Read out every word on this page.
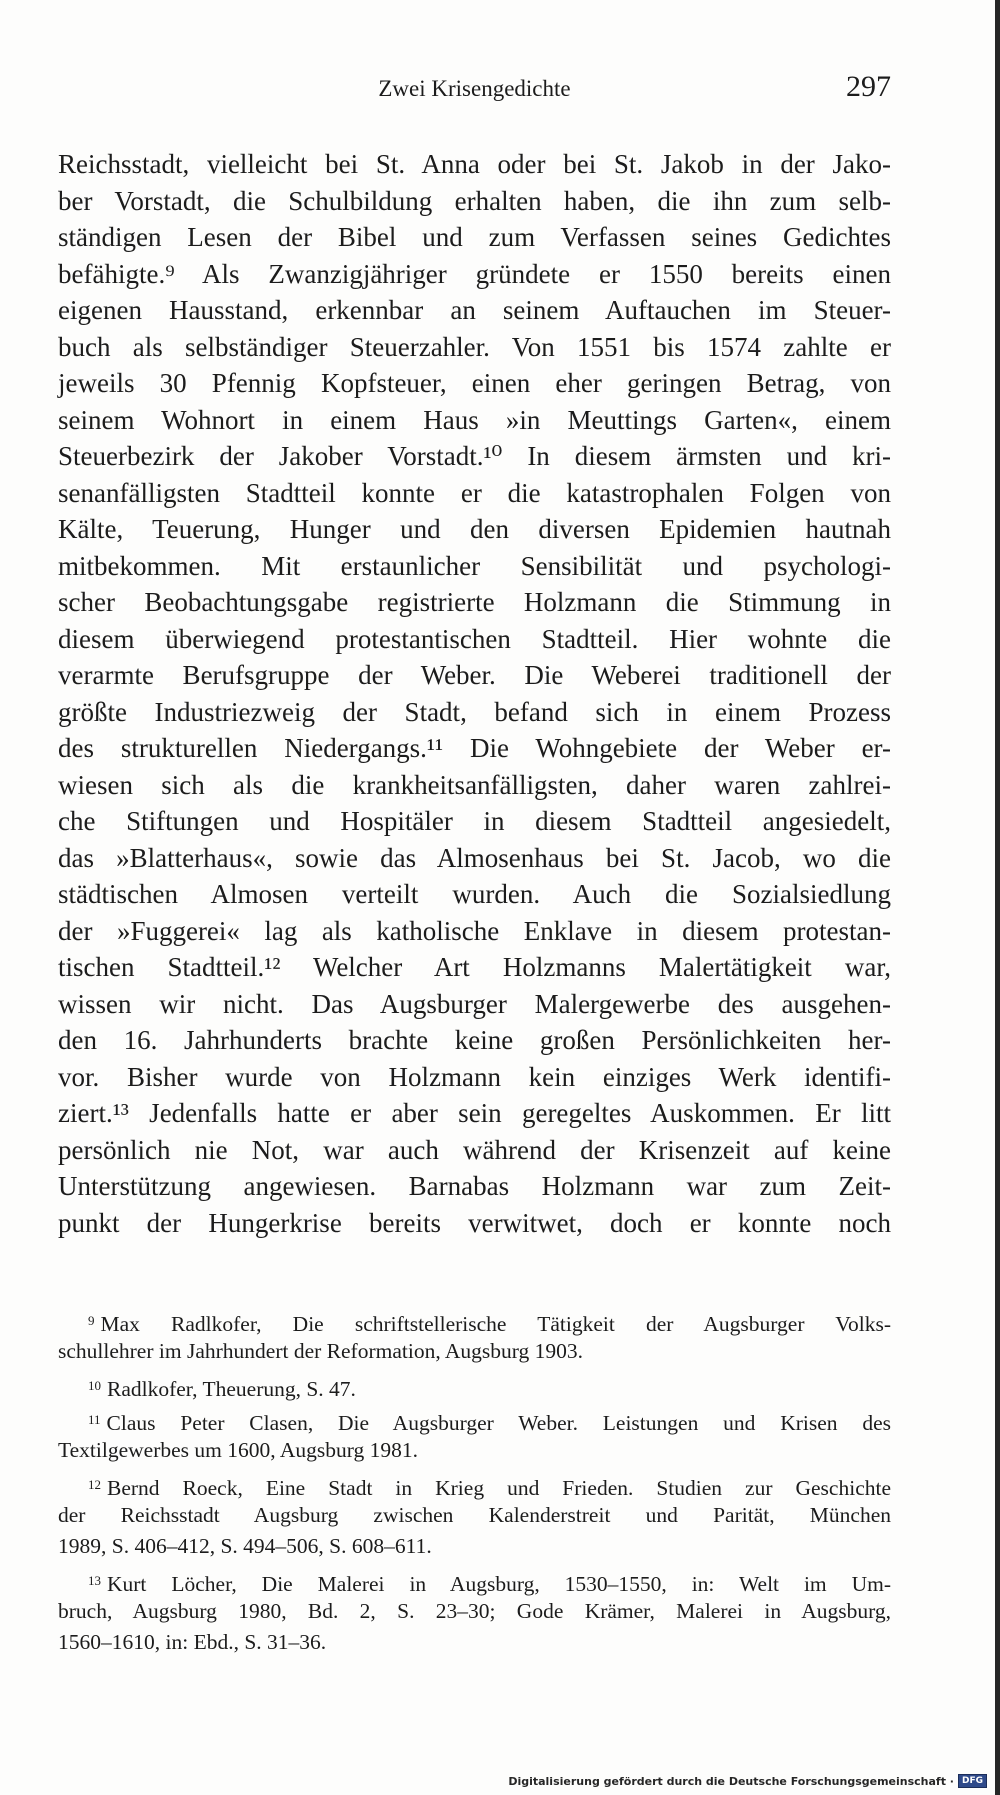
Zwei Krisengedichte	297
Reichsstadt, vielleicht bei St. Anna oder bei St. Jakob in der Jako-
ber Vorstadt, die Schulbildung erhalten haben, die ihn zum selb-
ständigen Lesen der Bibel und zum Verfassen seines Gedichtes
befähigte.⁹ Als Zwanzigjähriger gründete er 1550 bereits einen
eigenen Hausstand, erkennbar an seinem Auftauchen im Steuer-
buch als selbständiger Steuerzahler. Von 1551 bis 1574 zahlte er
jeweils 30 Pfennig Kopfsteuer, einen eher geringen Betrag, von
seinem Wohnort in einem Haus »in Meuttings Garten«, einem
Steuerbezirk der Jakober Vorstadt.¹⁰ In diesem ärmsten und kri-
senanfälligsten Stadtteil konnte er die katastrophalen Folgen von
Kälte, Teuerung, Hunger und den diversen Epidemien hautnah
mitbekommen. Mit erstaunlicher Sensibilität und psychologi-
scher Beobachtungsgabe registrierte Holzmann die Stimmung in
diesem überwiegend protestantischen Stadtteil. Hier wohnte die
verarmte Berufsgruppe der Weber. Die Weberei traditionell der
größte Industriezweig der Stadt, befand sich in einem Prozess
des strukturellen Niedergangs.¹¹ Die Wohngebiete der Weber er-
wiesen sich als die krankheitsanfälligsten, daher waren zahlrei-
che Stiftungen und Hospitäler in diesem Stadtteil angesiedelt,
das »Blatterhaus«, sowie das Almosenhaus bei St. Jacob, wo die
städtischen Almosen verteilt wurden. Auch die Sozialsiedlung
der »Fuggerei« lag als katholische Enklave in diesem protestan-
tischen Stadtteil.¹² Welcher Art Holzmanns Malertätigkeit war,
wissen wir nicht. Das Augsburger Malergewerbe des ausgehen-
den 16. Jahrhunderts brachte keine großen Persönlichkeiten her-
vor. Bisher wurde von Holzmann kein einziges Werk identifi-
ziert.¹³ Jedenfalls hatte er aber sein geregeltes Auskommen. Er litt
persönlich nie Not, war auch während der Krisenzeit auf keine
Unterstützung angewiesen. Barnabas Holzmann war zum Zeit-
punkt der Hungerkrise bereits verwitwet, doch er konnte noch
$^9$ Max Radlkofer, Die schriftstellerische Tätigkeit der Augsburger Volks-
schullehrer im Jahrhundert der Reformation, Augsburg 1903.
$^{10}$ Radlkofer, Theuerung, S. 47.
$^{11}$ Claus Peter Clasen, Die Augsburger Weber. Leistungen und Krisen des
Textilgewerbes um 1600, Augsburg 1981.
$^{12}$ Bernd Roeck, Eine Stadt in Krieg und Frieden. Studien zur Geschichte
der Reichsstadt Augsburg zwischen Kalenderstreit und Parität, München
1989, S. 406–412, S. 494–506, S. 608–611.
$^{13}$ Kurt Löcher, Die Malerei in Augsburg, 1530–1550, in: Welt im Um-
bruch, Augsburg 1980, Bd. 2, S. 23–30; Gode Krämer, Malerei in Augsburg,
1560–1610, in: Ebd., S. 31–36.
Digitalisierung gefördert durch die Deutsche Forschungsgemeinschaft · DFG
